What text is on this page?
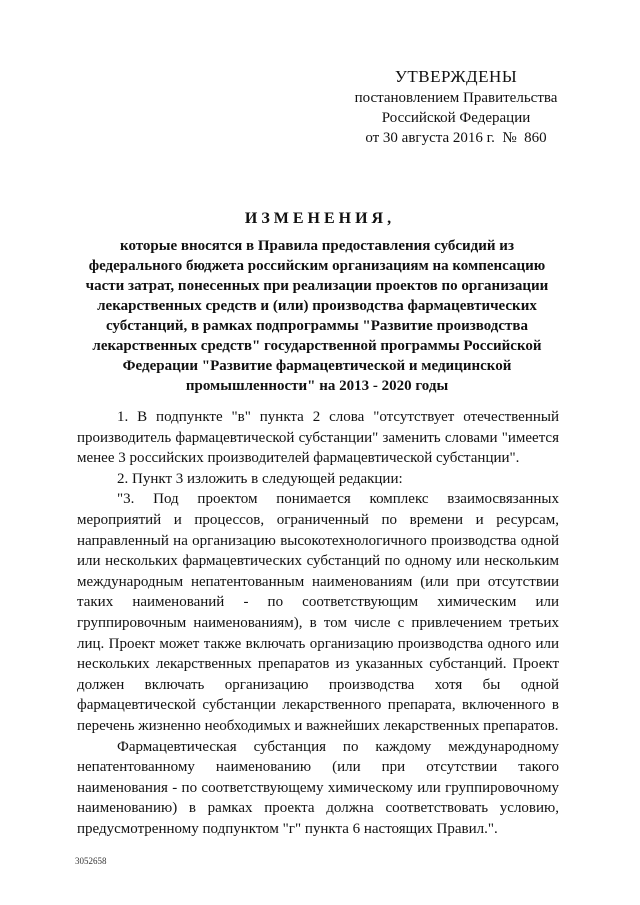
УТВЕРЖДЕНЫ
постановлением Правительства
Российской Федерации
от 30 августа 2016 г.  №  860
ИЗМЕНЕНИЯ,
которые вносятся в Правила предоставления субсидий из
федерального бюджета российским организациям на компенсацию
части затрат, понесенных при реализации проектов по организации
лекарственных средств и (или) производства фармацевтических
субстанций, в рамках подпрограммы "Развитие производства
лекарственных средств" государственной программы Российской
Федерации "Развитие фармацевтической и медицинской
промышленности" на 2013 - 2020 годы
1. В подпункте "в" пункта 2 слова "отсутствует отечественный
производитель фармацевтической субстанции" заменить словами "имеется
менее 3 российских производителей фармацевтической субстанции".
2. Пункт 3 изложить в следующей редакции:
"3. Под проектом понимается комплекс взаимосвязанных
мероприятий и процессов, ограниченный по времени и ресурсам,
направленный на организацию высокотехнологичного производства одной
или нескольких фармацевтических субстанций по одному или нескольким
международным непатентованным наименованиям (или при отсутствии
таких наименований - по соответствующим химическим или
группировочным наименованиям), в том числе с привлечением третьих
лиц. Проект может также включать организацию производства одного или
нескольких лекарственных препаратов из указанных субстанций. Проект
должен включать организацию производства хотя бы одной
фармацевтической субстанции лекарственного препарата, включенного в
перечень жизненно необходимых и важнейших лекарственных препаратов.
Фармацевтическая субстанция по каждому международному
непатентованному наименованию (или при отсутствии такого
наименования - по соответствующему химическому или группировочному
наименованию) в рамках проекта должна соответствовать условию,
предусмотренному подпунктом "г" пункта 6 настоящих Правил.".
3052658
